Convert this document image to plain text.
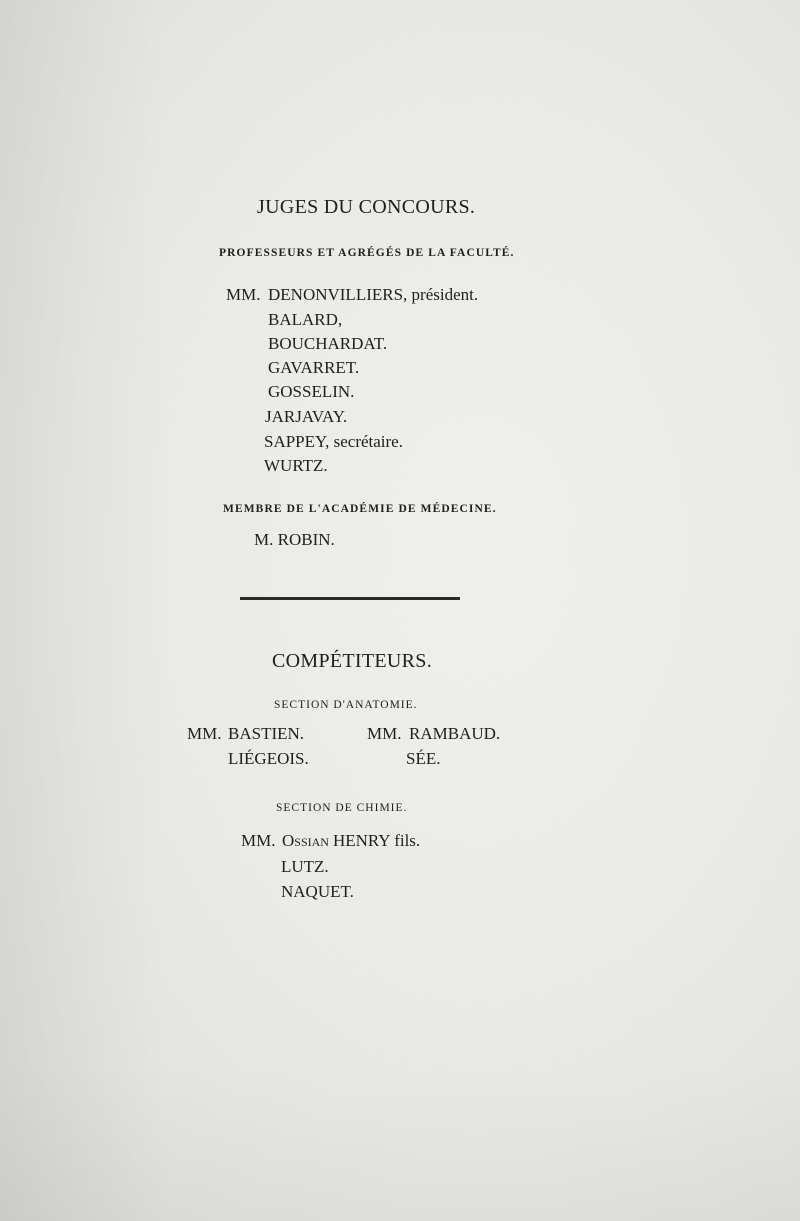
JUGES DU CONCOURS.
PROFESSEURS ET AGRÉGÉS DE LA FACULTÉ.
MM. DENONVILLIERS, président.
BALARD,
BOUCHARDAT.
GAVARRET.
GOSSELIN.
JARJAVAY.
SAPPEY, secrétaire.
WURTZ.
MEMBRE DE L'ACADÉMIE DE MÉDECINE.
M. ROBIN.
COMPÉTITEURS.
SECTION D'ANATOMIE.
MM. BASTIEN.
LIÉGEOIS.
MM. RAMBAUD.
SÉE.
SECTION DE CHIMIE.
MM. Ossian HENRY fils.
LUTZ.
NAQUET.
